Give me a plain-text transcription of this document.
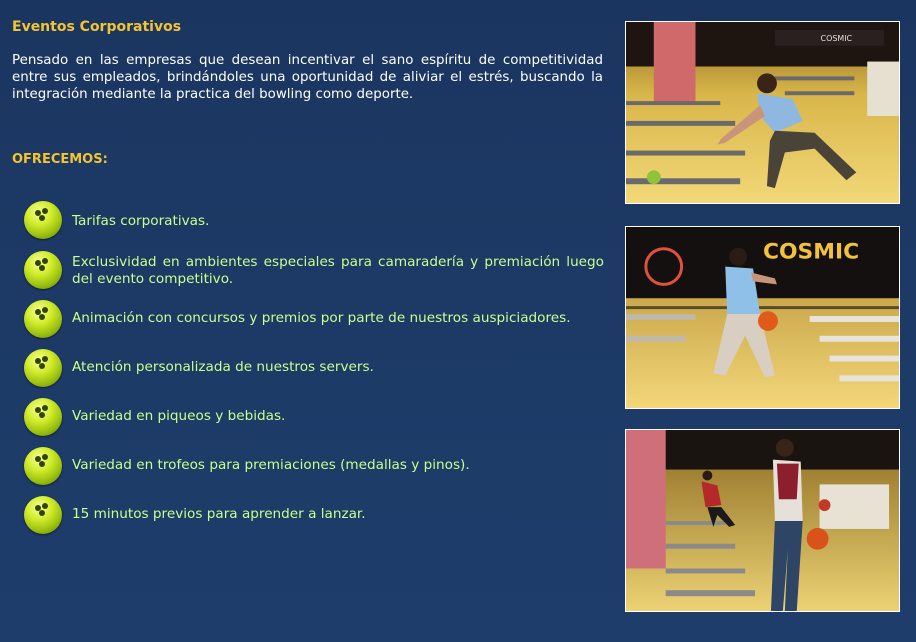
Eventos Corporativos

Pensado en las empresas que desean incentivar el sano espíritu de competitividad entre sus empleados, brindándoles una oportunidad de aliviar el estrés, buscando la integración mediante la practica del bowling como deporte.

OFRECEMOS:
Tarifas corporativas.
Exclusividad en ambientes especiales para camaradería y premiación luego del evento competitivo.
Animación con concursos y premios por parte de nuestros auspiciadores.
Atención personalizada de nuestros servers.
Variedad en piqueos y bebidas.
Variedad en trofeos para premiaciones (medallas y pinos).
15 minutos previos para aprender a lanzar.
COSMIC
COSMIC
